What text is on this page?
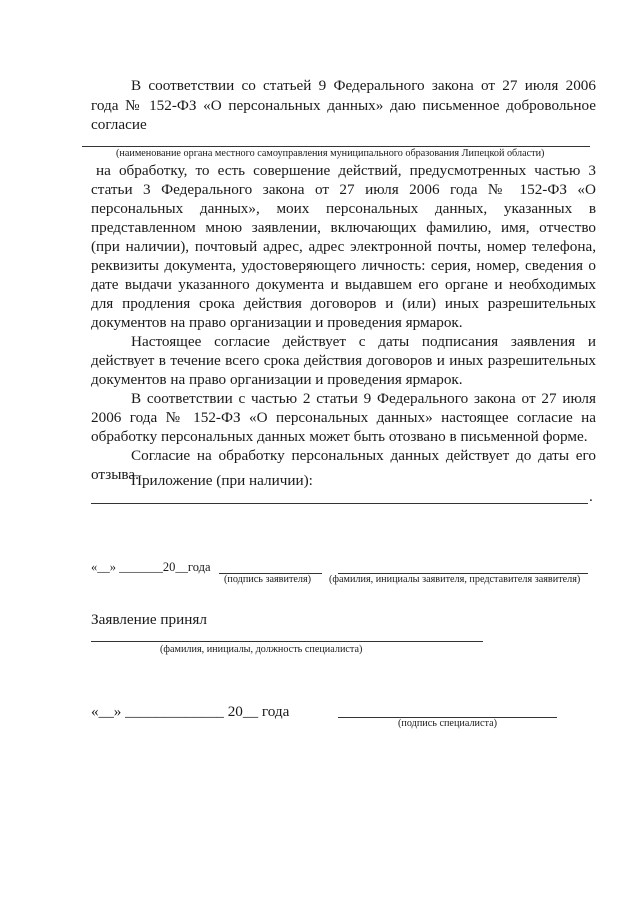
В соответствии со статьей 9 Федерального закона от 27 июля 2006
года № 152-ФЗ «О персональных данных» даю письменное добровольное
согласие
(наименование органа местного самоуправления муниципального образования Липецкой области)
на обработку, то есть совершение действий, предусмотренных частью 3
статьи 3 Федерального закона от 27 июля 2006 года № 152-ФЗ «О
персональных данных», моих персональных данных, указанных в
представленном мною заявлении, включающих фамилию, имя, отчество
(при наличии), почтовый адрес, адрес электронной почты, номер телефона,
реквизиты документа, удостоверяющего личность: серия, номер, сведения о
дате выдачи указанного документа и выдавшем его органе и необходимых
для продления срока действия договоров и (или) иных разрешительных
документов на право организации и проведения ярмарок.
Настоящее согласие действует с даты подписания заявления и
действует в течение всего срока действия договоров и иных разрешительных
документов на право организации и проведения ярмарок.
В соответствии с частью 2 статьи 9 Федерального закона от 27 июля
2006 года № 152-ФЗ «О персональных данных» настоящее согласие на
обработку персональных данных может быть отозвано в письменной форме.
Согласие на обработку персональных данных действует до даты его
отзыва.
Приложение (при наличии):
.
«__» _______20__года
(подпись заявителя) (фамилия, инициалы заявителя, представителя заявителя)
Заявление принял
(фамилия, инициалы, должность специалиста)
«__» _____________ 20__ года
(подпись специалиста)
